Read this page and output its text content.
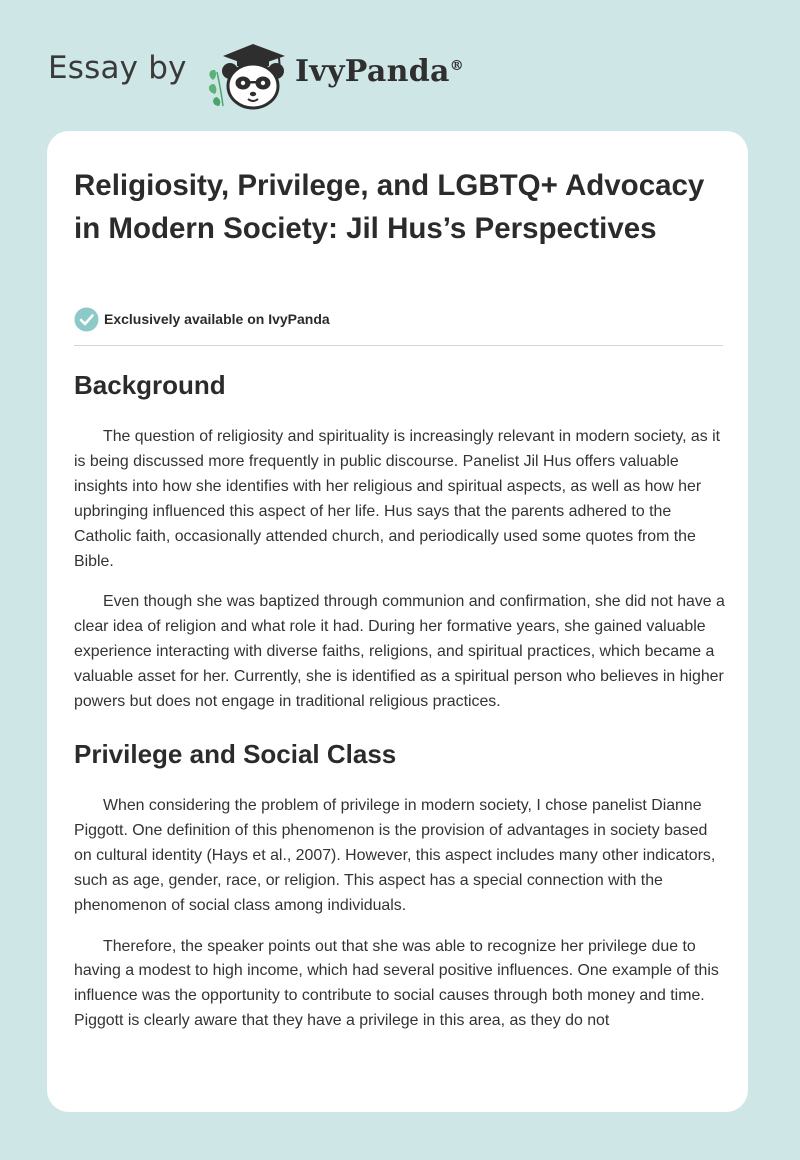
Essay by	IvyPanda®
Religiosity, Privilege, and LGBTQ+ Advocacy in Modern Society: Jil Hus’s Perspectives
Exclusively available on IvyPanda
Background

The question of religiosity and spirituality is increasingly relevant in modern society, as it is being discussed more frequently in public discourse. Panelist Jil Hus offers valuable insights into how she identifies with her religious and spiritual aspects, as well as how her upbringing influenced this aspect of her life. Hus says that the parents adhered to the Catholic faith, occasionally attended church, and periodically used some quotes from the Bible.

Even though she was baptized through communion and confirmation, she did not have a clear idea of religion and what role it had. During her formative years, she gained valuable experience interacting with diverse faiths, religions, and spiritual practices, which became a valuable asset for her. Currently, she is identified as a spiritual person who believes in higher powers but does not engage in traditional religious practices.

Privilege and Social Class

When considering the problem of privilege in modern society, I chose panelist Dianne Piggott. One definition of this phenomenon is the provision of advantages in society based on cultural identity (Hays et al., 2007). However, this aspect includes many other indicators, such as age, gender, race, or religion. This aspect has a special connection with the phenomenon of social class among individuals.

Therefore, the speaker points out that she was able to recognize her privilege due to having a modest to high income, which had several positive influences. One example of this influence was the opportunity to contribute to social causes through both money and time. Piggott is clearly aware that they have a privilege in this area, as they do not
